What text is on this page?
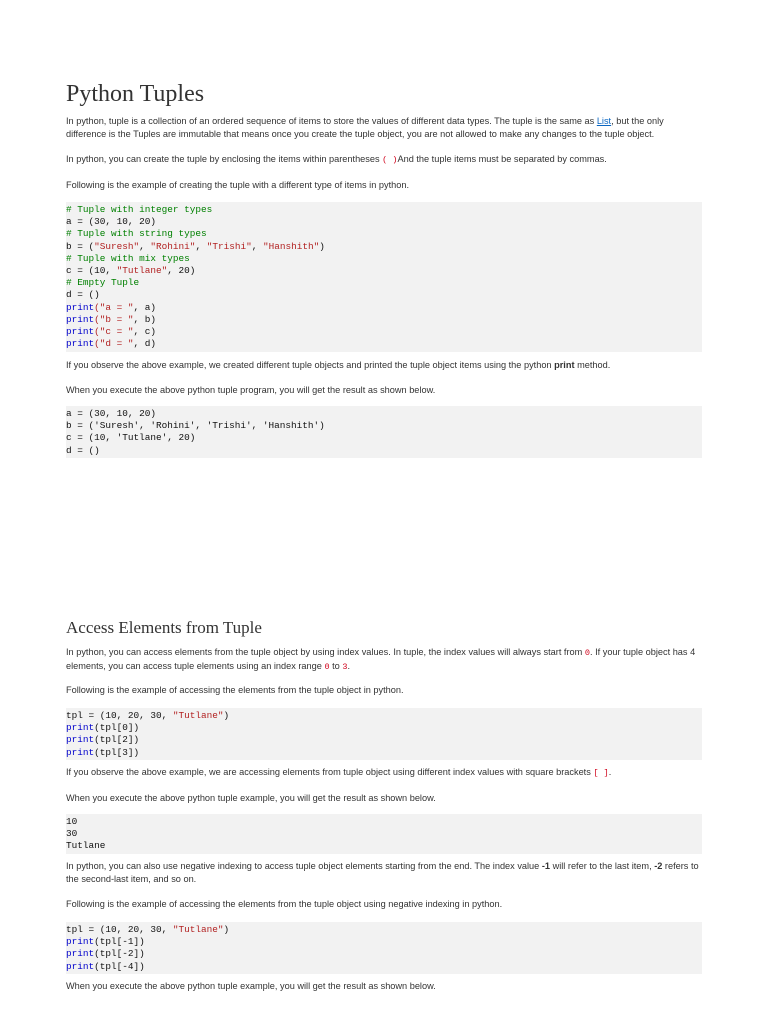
Python Tuples

In python, tuple is a collection of an ordered sequence of items to store the values of different data types. The tuple is the same as List, but the only difference is the Tuples are immutable that means once you create the tuple object, you are not allowed to make any changes to the tuple object.

In python, you can create the tuple by enclosing the items within parentheses ( )And the tuple items must be separated by commas.

Following is the example of creating the tuple with a different type of items in python.

# Tuple with integer types
a = (30, 10, 20)
# Tuple with string types
b = ("Suresh", "Rohini", "Trishi", "Hanshith")
# Tuple with mix types
c = (10, "Tutlane", 20)
# Empty Tuple
d = ()
print("a = ", a)
print("b = ", b)
print("c = ", c)
print("d = ", d)

If you observe the above example, we created different tuple objects and printed the tuple object items using the python print method.

When you execute the above python tuple program, you will get the result as shown below.

a = (30, 10, 20)
b = ('Suresh', 'Rohini', 'Trishi', 'Hanshith')
c = (10, 'Tutlane', 20)
d = ()
Access Elements from Tuple

In python, you can access elements from the tuple object by using index values. In tuple, the index values will always start from 0. If your tuple object has 4 elements, you can access tuple elements using an index range 0 to 3.

Following is the example of accessing the elements from the tuple object in python.

tpl = (10, 20, 30, "Tutlane")
print(tpl[0])
print(tpl[2])
print(tpl[3])

If you observe the above example, we are accessing elements from tuple object using different index values with square brackets [ ].

When you execute the above python tuple example, you will get the result as shown below.

10
30
Tutlane

In python, you can also use negative indexing to access tuple object elements starting from the end. The index value -1 will refer to the last item, -2 refers to the second-last item, and so on.

Following is the example of accessing the elements from the tuple object using negative indexing in python.

tpl = (10, 20, 30, "Tutlane")
print(tpl[-1])
print(tpl[-2])
print(tpl[-4])

When you execute the above python tuple example, you will get the result as shown below.
